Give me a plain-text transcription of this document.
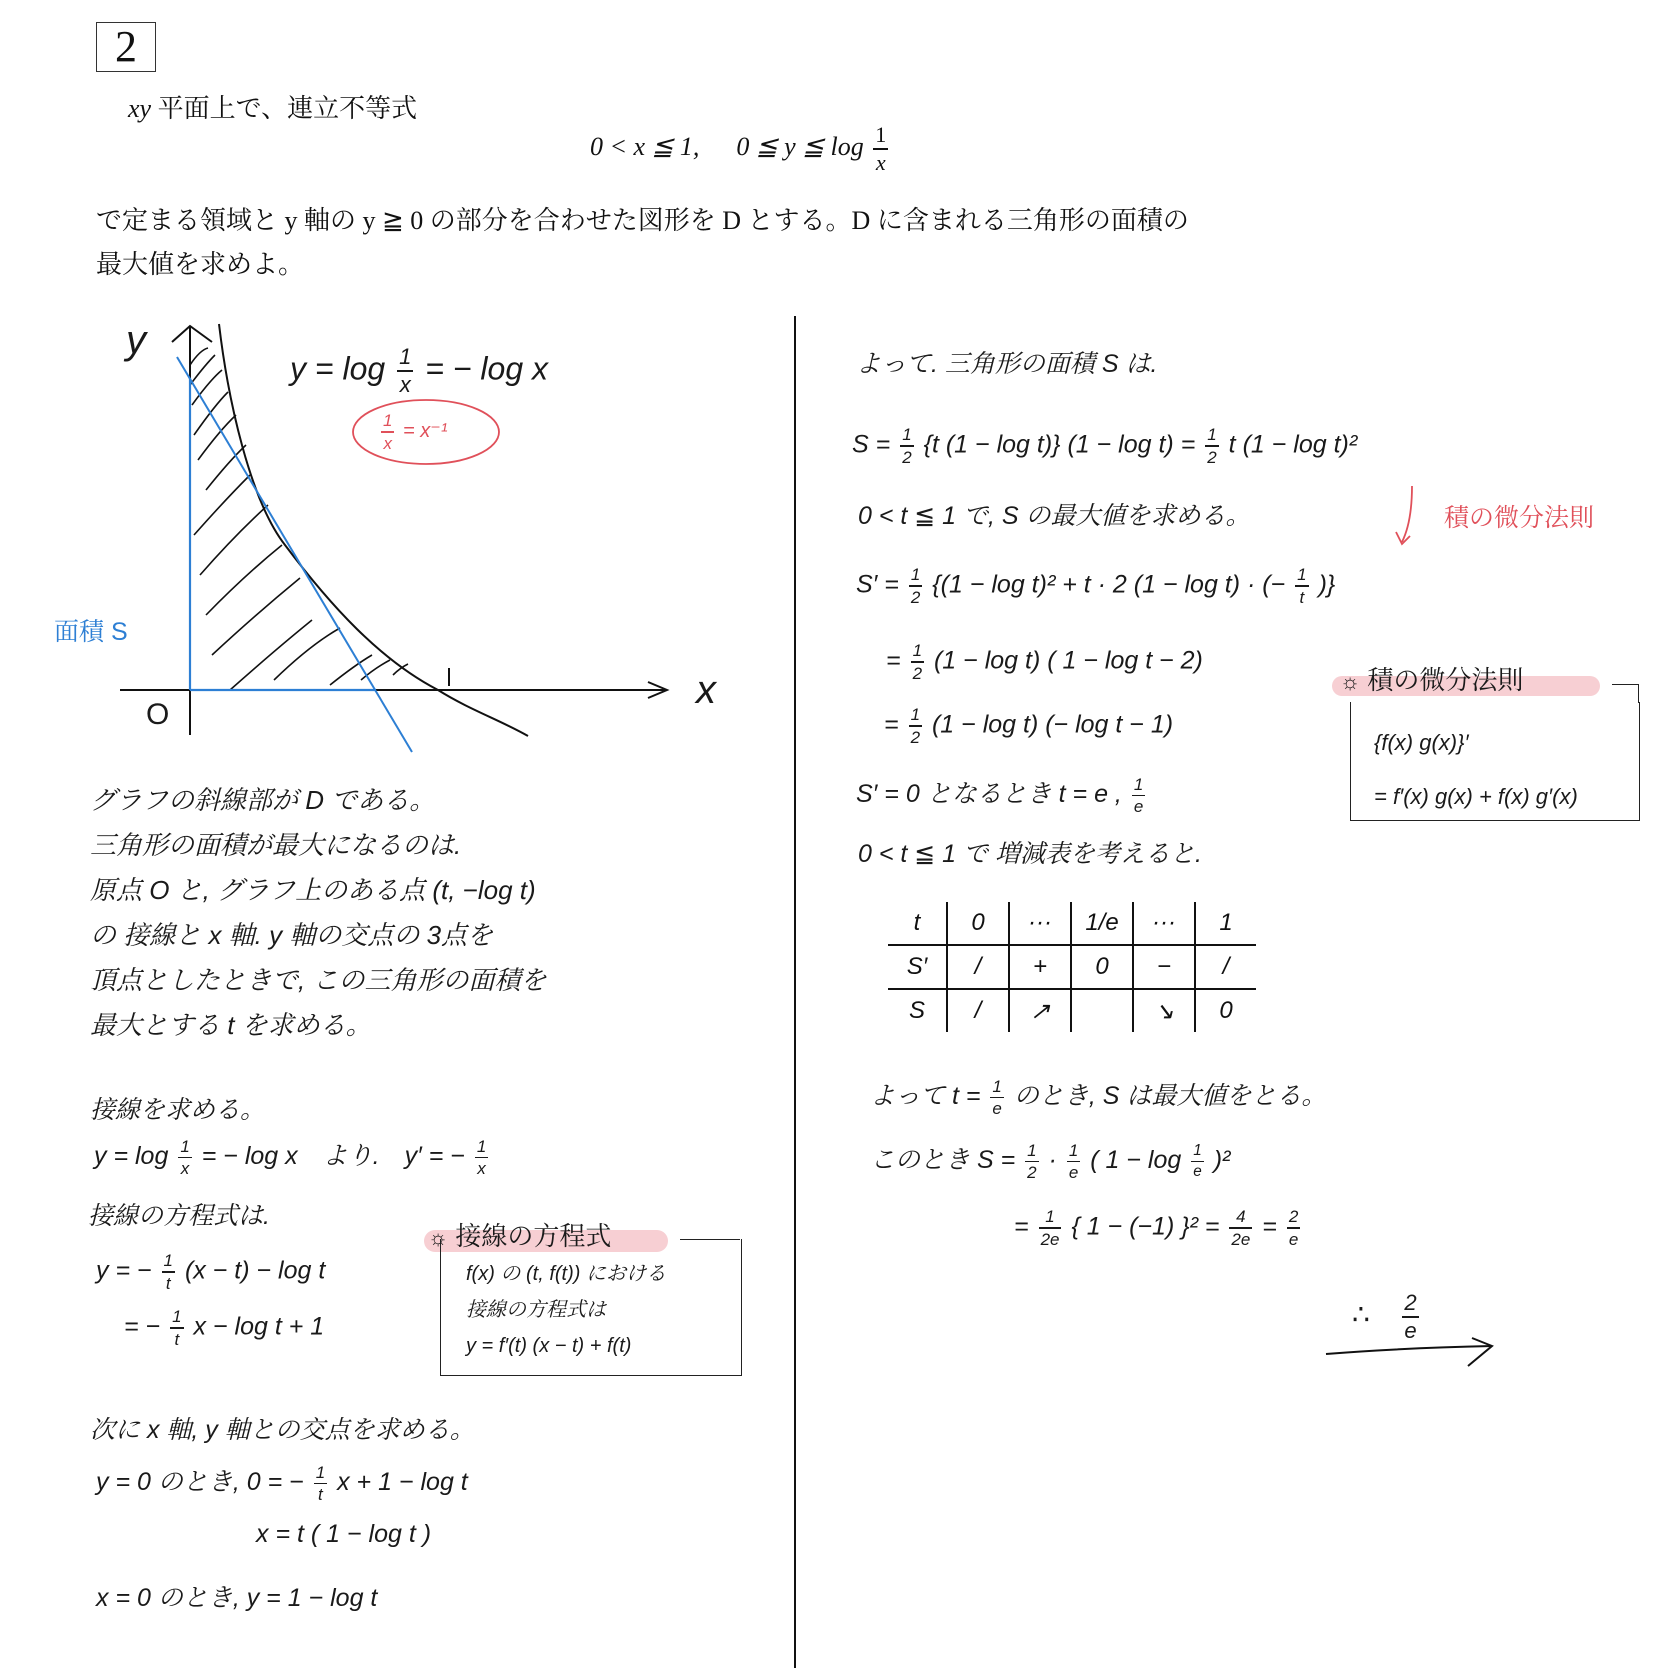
2
xy 平面上で、連立不等式
0 < x ≦ 1, 0 ≦ y ≦ $\log \frac{1}{x}$
で定まる領域と y 軸の y ≧ 0 の部分を合わせた図形を D とする。D に含まれる三角形の面積の
最大値を求めよ。
y
x
O
$y = \log \frac{1}{x}$ = − log x
$\frac{1}{x} = x^{-1}$
面積 S
グラフの斜線部が D である。
三角形の面積が最大になるのは.
原点 O と, グラフ上のある点 (t, −log t)
の 接線と x 軸. y 軸の交点の 3点を
頂点としたときで, この三角形の面積を
最大とする t を求める。
接線を求める。
$y = \log \frac{1}{x}$ = − log x　より.　y′ = − $\frac{1}{x}$
接線の方程式は.
y = − $\frac{1}{t} (x - t) - \log t$
= − $\frac{1}{t}$ x − log t + 1
☼ 接線の方程式
f(x) の (t, f(t)) における
接線の方程式は
y = f′(t) (x − t) + f(t)
次に x 軸, y 軸との交点を求める。
y = 0 のとき, 0 = − $\frac{1}{t}$ x + 1 − log t
x = t ( 1 − log t )
x = 0 のとき, y = 1 − log t
よって. 三角形の面積 S は.
$S = \frac{1}{2} \{t$ (1 − log t)} $(1 - \log t) = \frac{1}{2}$ t (1 − log t)²
0 < t ≦ 1 で, S の最大値を求める。	積の微分法則
$S' = \frac{1}{2} \{(1 - \log t)^2 + t \cdot 2$ (1 − log t) · (− $\frac{1}{t}$ )}
= $\frac{1}{2} (1 - \log t)$ ( 1 − log t − 2)
= $\frac{1}{2} (1 - \log t)$ (− log t − 1)
S′ = 0 となるとき t = e , $\frac{1}{e}$
0 < t ≦ 1 で 増減表を考えると.
☼ 積の微分法則
{f(x) g(x)}′
= f′(x) g(x) + f(x) g′(x)
t	0	···	1/e	···	1
S′	/	+	0	−	/
S	/	↗		↘	0
よって $t = \frac{1}{e}$ のとき, S は最大値をとる。
このとき $S = \frac{1}{2} \cdot \frac{1}{e}$ ( $1 - \log \frac{1}{e} )^2$
= $\frac{1}{2e}$ { 1 − (−1) }$^2 = \frac{4}{2e} = \frac{2}{e}$
∴ $\frac{2}{e}$
